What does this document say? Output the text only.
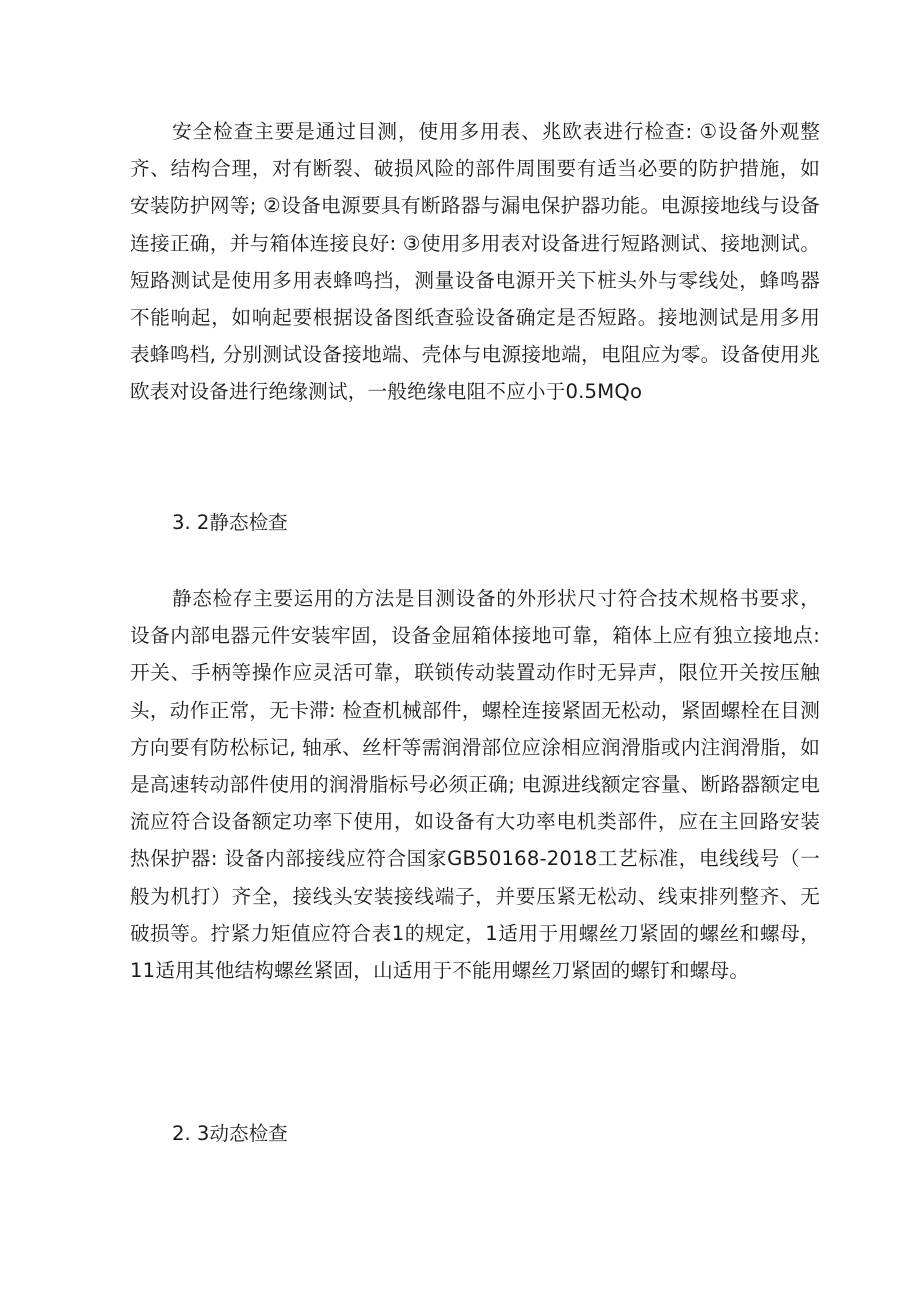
安全检查主要是通过目测，使用多用表、兆欧表进行检查: ①设备外观整齐、结构合理，对有断裂、破损风险的部件周围要有适当必要的防护措施，如安装防护网等; ②设备电源要具有断路器与漏电保护器功能。电源接地线与设备连接正确，并与箱体连接良好: ③使用多用表对设备进行短路测试、接地测试。短路测试是使用多用表蜂鸣挡，测量设备电源开关下桩头外与零线处，蜂鸣器不能响起，如响起要根据设备图纸查验设备确定是否短路。接地测试是用多用表蜂鸣档, 分别测试设备接地端、壳体与电源接地端，电阻应为零。设备使用兆欧表对设备进行绝缘测试，一般绝缘电阻不应小于0.5MQo

3. 2静态检查

静态检存主要运用的方法是目测设备的外形状尺寸符合技术规格书要求，设备内部电器元件安装牢固，设备金屈箱体接地可靠，箱体上应有独立接地点: 开关、手柄等操作应灵活可靠，联锁传动装置动作时无异声，限位开关按压触头，动作正常，无卡滞: 检查机械部件，螺栓连接紧固无松动，紧固螺栓在目测方向要有防松标记, 轴承、丝杆等需润滑部位应涂相应润滑脂或内注润滑脂，如是高速转动部件使用的润滑脂标号必须正确; 电源进线额定容量、断路器额定电流应符合设备额定功率下使用，如设备有大功率电机类部件，应在主回路安装热保护器: 设备内部接线应符合国家GB50168-2018工艺标准，电线线号（一般为机打）齐全，接线头安装接线端子，并要压紧无松动、线束排列整齐、无破损等。拧紧力矩值应符合表1的规定，1适用于用螺丝刀紧固的螺丝和螺母，11适用其他结构螺丝紧固，山适用于不能用螺丝刀紧固的螺钉和螺母。

2. 3动态检查
